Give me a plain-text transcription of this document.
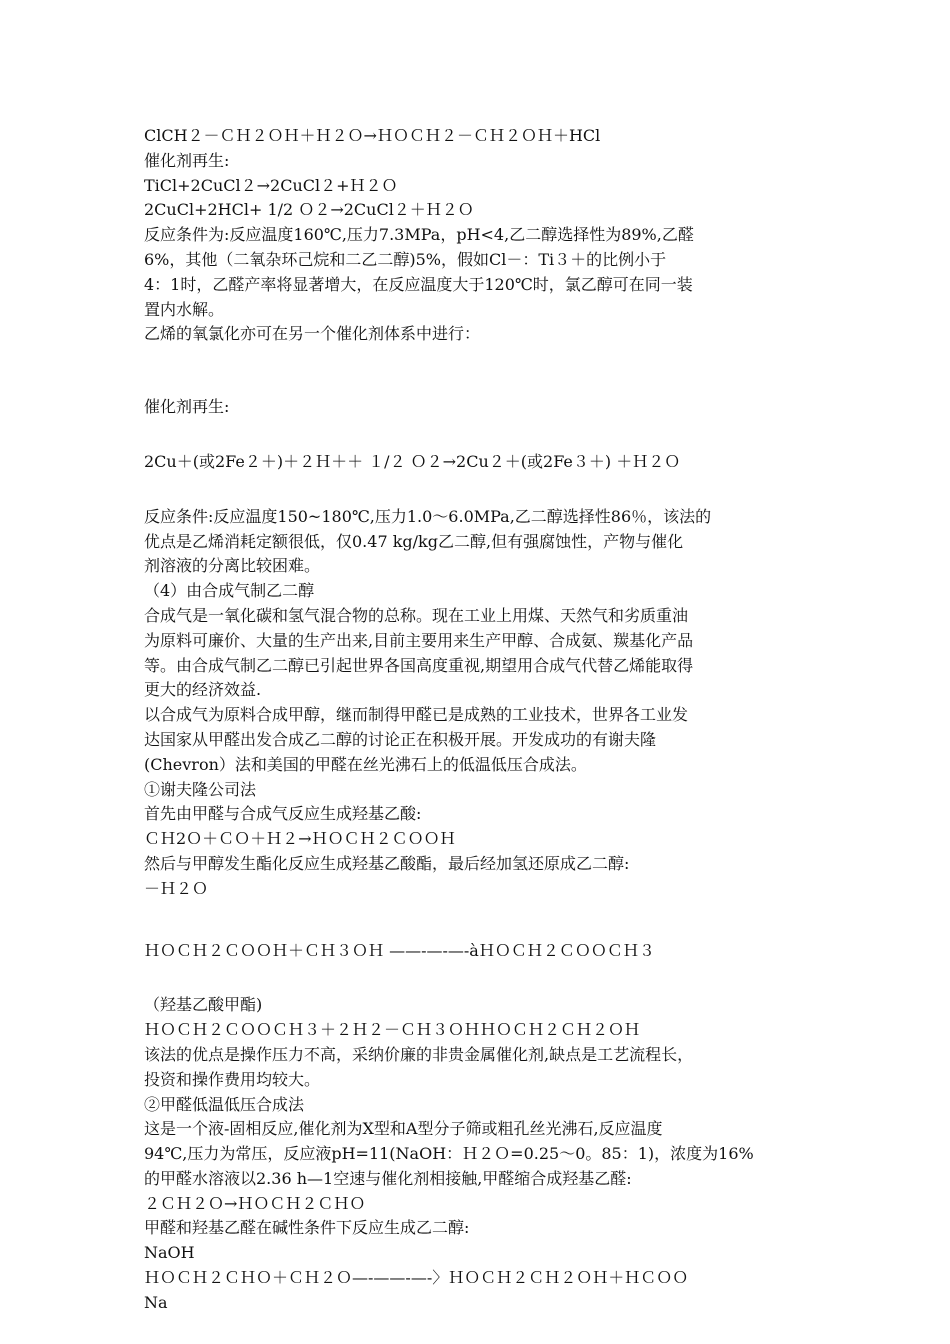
ClCH２－ＣＨ２ＯＨ＋Ｈ２Ｏ→ＨＯＣＨ２－ＣＨ２ＯＨ＋HCl
催化剂再生:
TiCl+2CuCl２→2CuCl２+Ｈ２Ｏ
2CuCl+2HCl+ 1/2 Ｏ２→2CuCl２＋Ｈ２Ｏ
反应条件为:反应温度160℃,压力7.3MPa，pH<4,乙二醇选择性为89%,乙醛
6%，其他（二氧杂环己烷和二乙二醇)5%，假如Cl－：Ti３＋的比例小于
4：1时，乙醛产率将显著增大，在反应温度大于120℃时，氯乙醇可在同一装
置内水解。
乙烯的氧氯化亦可在另一个催化剂体系中进行：
催化剂再生:
2Cu＋(或2Fe２＋)＋２Ｈ＋＋ １/２ Ｏ２→2Cu２＋(或2Fe３＋) ＋Ｈ２Ｏ
反应条件:反应温度150~180℃,压力1.0～6.0MPa,乙二醇选择性86％，该法的
优点是乙烯消耗定额很低，仅0.47 kg/kg乙二醇,但有强腐蚀性，产物与催化
剂溶液的分离比较困难。
（4）由合成气制乙二醇
合成气是一氧化碳和氢气混合物的总称。现在工业上用煤、天然气和劣质重油
为原料可廉价、大量的生产出来,目前主要用来生产甲醇、合成氨、羰基化产品
等。由合成气制乙二醇已引起世界各国高度重视,期望用合成气代替乙烯能取得
更大的经济效益.
以合成气为原料合成甲醇，继而制得甲醛已是成熟的工业技术，世界各工业发
达国家从甲醛出发合成乙二醇的讨论正在积极开展。开发成功的有谢夫隆
(Chevron）法和美国的甲醛在丝光沸石上的低温低压合成法。
①谢夫隆公司法
首先由甲醛与合成气反应生成羟基乙酸:
ＣＨ2Ｏ＋ＣＯ＋Ｈ２→ＨＯＣＨ２ＣＯＯＨ
然后与甲醇发生酯化反应生成羟基乙酸酯，最后经加氢还原成乙二醇:
－Ｈ２Ｏ
ＨＯＣＨ２ＣＯＯＨ＋ＣＨ３ＯＨ ——-—-—-àＨＯＣＨ２ＣＯＯＣＨ３
（羟基乙酸甲酯)
ＨＯＣＨ２ＣＯＯＣＨ３＋２Ｈ２－ＣＨ３ＯＨＨＯＣＨ２ＣＨ２ＯＨ
该法的优点是操作压力不高，采纳价廉的非贵金属催化剂,缺点是工艺流程长，
投资和操作费用均较大。
②甲醛低温低压合成法
这是一个液-固相反应,催化剂为X型和A型分子筛或粗孔丝光沸石,反应温度
94℃,压力为常压，反应液pH=11(NaOH：Ｈ２Ｏ=0.25～0。85：1)，浓度为16%
的甲醛水溶液以2.36 h—1空速与催化剂相接触,甲醛缩合成羟基乙醛:
２ＣＨ２Ｏ→ＨＯＣＨ２ＣＨＯ
甲醛和羟基乙醛在碱性条件下反应生成乙二醇:
NaOH
ＨＯＣＨ２ＣＨＯ＋ＣＨ２Ｏ—-——-—-〉ＨＯＣＨ２ＣＨ２ＯＨ＋ＨＣＯＯ
Na
